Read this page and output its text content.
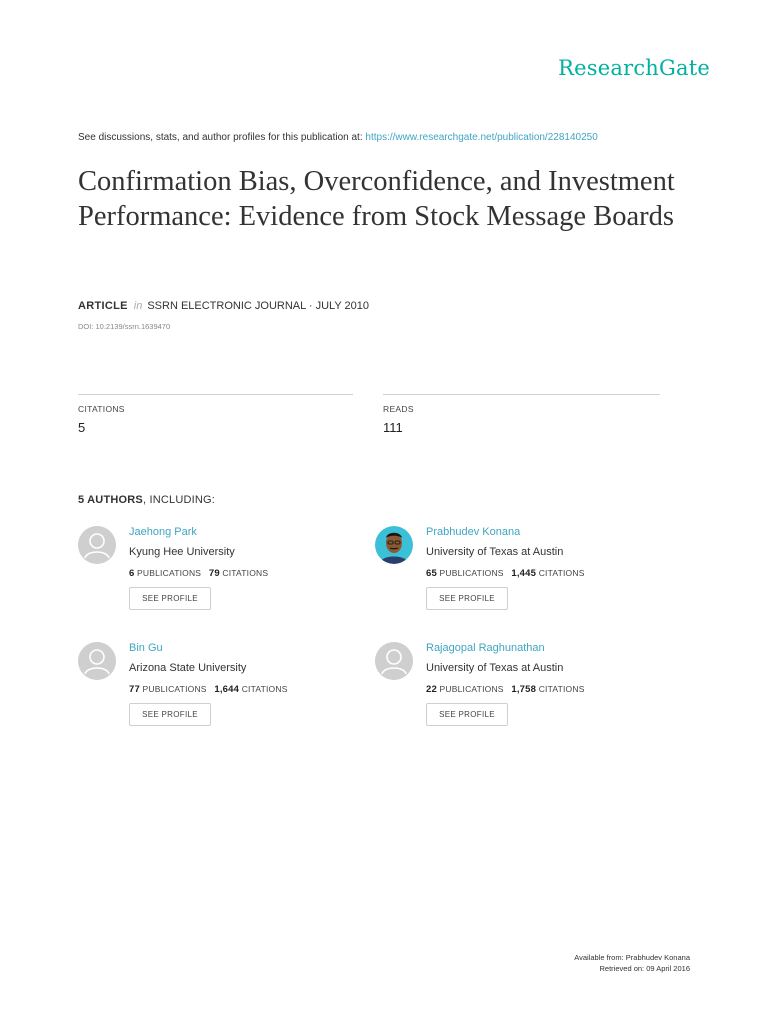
ResearchGate
See discussions, stats, and author profiles for this publication at: https://www.researchgate.net/publication/228140250
Confirmation Bias, Overconfidence, and Investment Performance: Evidence from Stock Message Boards
ARTICLE in SSRN ELECTRONIC JOURNAL · JULY 2010
DOI: 10.2139/ssrn.1639470
CITATIONS
5
READS
111
5 AUTHORS, INCLUDING:
Jaehong Park
Kyung Hee University
6 PUBLICATIONS 79 CITATIONS
SEE PROFILE
Prabhudev Konana
University of Texas at Austin
65 PUBLICATIONS 1,445 CITATIONS
SEE PROFILE
Bin Gu
Arizona State University
77 PUBLICATIONS 1,644 CITATIONS
SEE PROFILE
Rajagopal Raghunathan
University of Texas at Austin
22 PUBLICATIONS 1,758 CITATIONS
SEE PROFILE
Available from: Prabhudev Konana
Retrieved on: 09 April 2016
